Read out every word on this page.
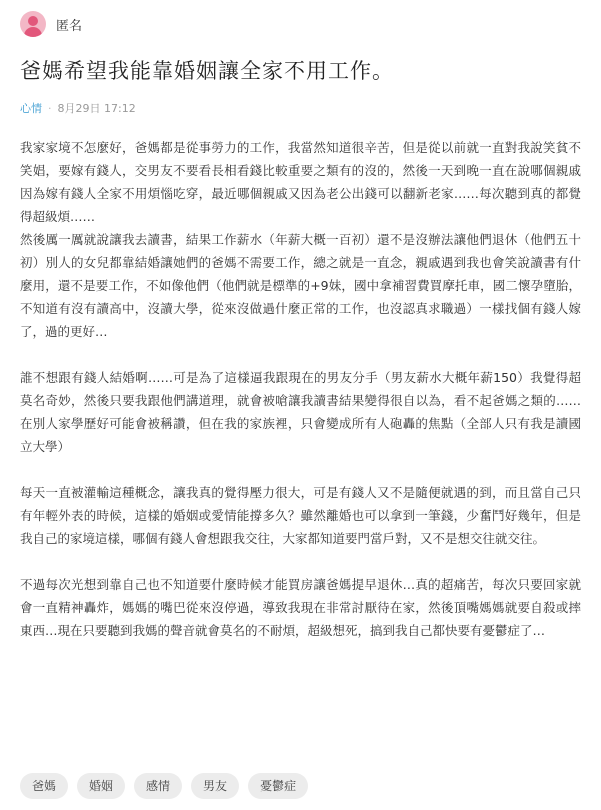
匿名
爸媽希望我能靠婚姻讓全家不用工作。
心情 · 8月29日 17:12

我家家境不怎麼好，爸媽都是從事勞力的工作，我當然知道很辛苦，但是從以前就一直對我說笑貧不笑娼，要嫁有錢人，交男友不要看長相看錢比較重要之類有的沒的，然後一天到晚一直在說哪個親戚因為嫁有錢人全家不用煩惱吃穿，最近哪個親戚又因為老公出錢可以翻新老家……每次聽到真的都覺得超級煩……

然後厲一厲就說讓我去讀書，結果工作薪水（年薪大概一百初）還不是沒辦法讓他們退休（他們五十初）別人的女兒都靠結婚讓她們的爸媽不需要工作，總之就是一直念，親戚遇到我也會笑說讀書有什麼用，還不是要工作，不如像他們（他們就是標準的+9妹，國中拿補習費買摩托車，國二懷孕墮胎，不知道有沒有讀高中，沒讀大學，從來沒做過什麼正常的工作，也沒認真求職過）一樣找個有錢人嫁了，過的更好…

誰不想跟有錢人結婚啊……可是為了這樣逼我跟現在的男友分手（男友薪水大概年薪150）我覺得超莫名奇妙，然後只要我跟他們講道理，就會被嗆讓我讀書結果變得很自以為，看不起爸媽之類的……在別人家學歷好可能會被稱讚，但在我的家族裡，只會變成所有人砲轟的焦點（全部人只有我是讀國立大學）

每天一直被灌輸這種概念，讓我真的覺得壓力很大，可是有錢人又不是隨便就遇的到，而且當自己只有年輕外表的時候，這樣的婚姻或愛情能撐多久？雖然離婚也可以拿到一筆錢，少奮鬥好幾年，但是我自己的家境這樣，哪個有錢人會想跟我交往，大家都知道要門當戶對，又不是想交往就交往。

不過每次光想到靠自己也不知道要什麼時候才能買房讓爸媽提早退休…真的超痛苦，每次只要回家就會一直精神轟炸，媽媽的嘴巴從來沒停過，導致我現在非常討厭待在家，然後頂嘴媽媽就要自殺或摔東西…現在只要聽到我媽的聲音就會莫名的不耐煩，超級想死，搞到我自己都快要有憂鬱症了…

爸媽	婚姻	感情	男友	憂鬱症
